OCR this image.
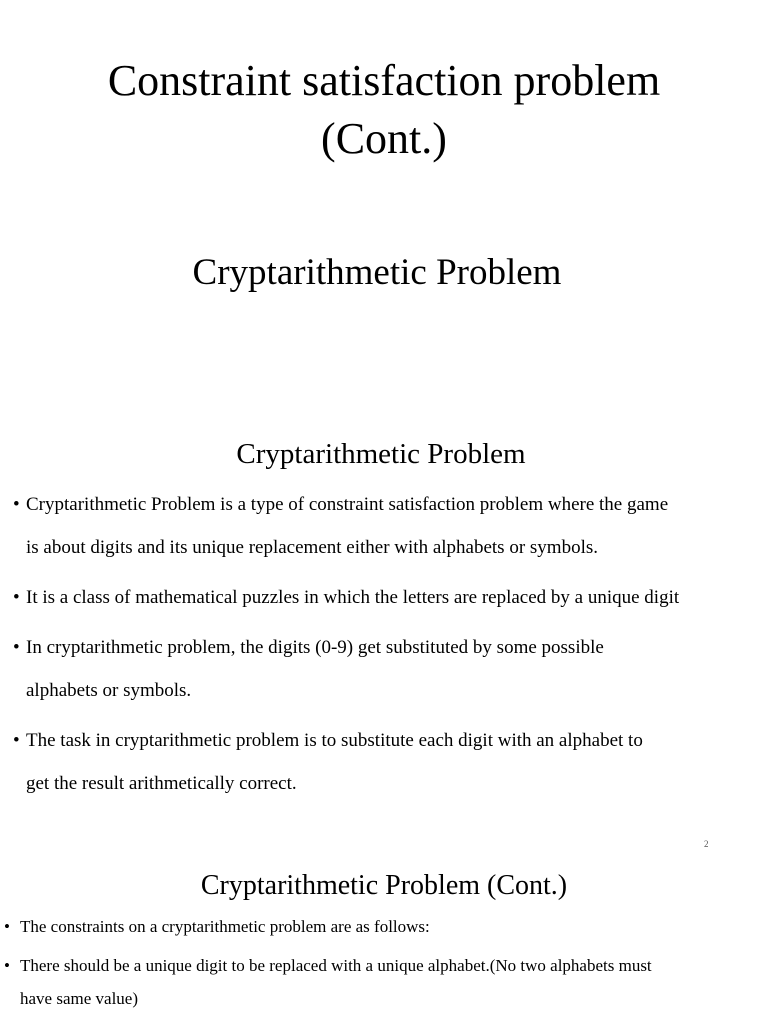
Constraint satisfaction problem
(Cont.)
Cryptarithmetic Problem
Cryptarithmetic Problem
• Cryptarithmetic Problem is a type of constraint satisfaction problem where the game
is about digits and its unique replacement either with alphabets or symbols.
• It is a class of mathematical puzzles in which the letters are replaced by a unique digit
• In cryptarithmetic problem, the digits (0-9) get substituted by some possible
alphabets or symbols.
• The task in cryptarithmetic problem is to substitute each digit with an alphabet to
get the result arithmetically correct.
2
Cryptarithmetic Problem (Cont.)
• The constraints on a cryptarithmetic problem are as follows:
• There should be a unique digit to be replaced with a unique alphabet.(No two alphabets must
have same value)
